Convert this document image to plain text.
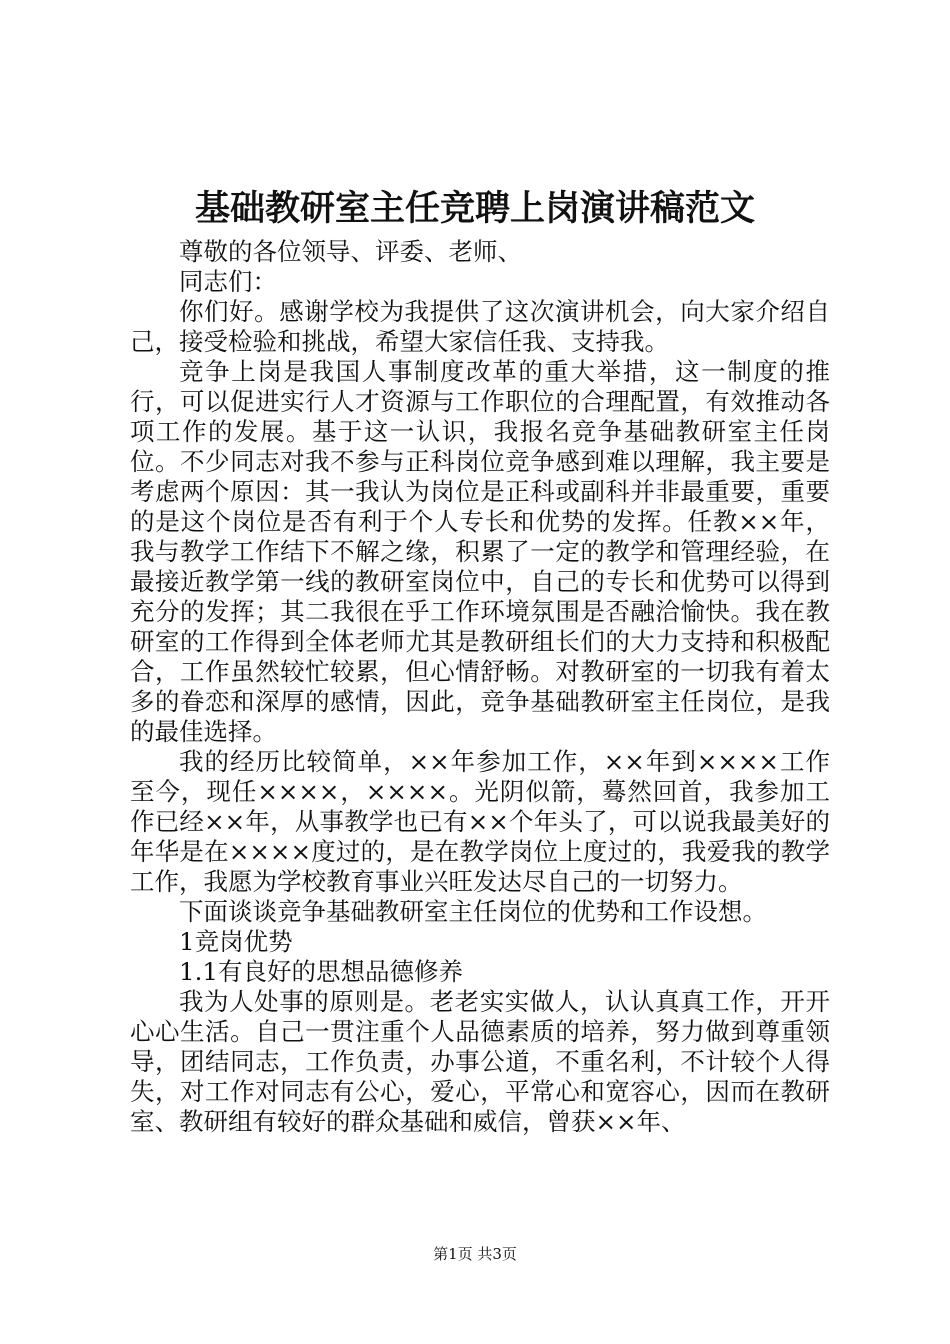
基础教研室主任竞聘上岗演讲稿范文

尊敬的各位领导、评委、老师、

同志们：

你们好。感谢学校为我提供了这次演讲机会，向大家介绍自己，接受检验和挑战，希望大家信任我、支持我。

竞争上岗是我国人事制度改革的重大举措，这一制度的推行，可以促进实行人才资源与工作职位的合理配置，有效推动各项工作的发展。基于这一认识，我报名竞争基础教研室主任岗位。不少同志对我不参与正科岗位竞争感到难以理解，我主要是考虑两个原因：其一我认为岗位是正科或副科并非最重要，重要的是这个岗位是否有利于个人专长和优势的发挥。任教××年，我与教学工作结下不解之缘，积累了一定的教学和管理经验，在最接近教学第一线的教研室岗位中，自己的专长和优势可以得到充分的发挥；其二我很在乎工作环境氛围是否融洽愉快。我在教研室的工作得到全体老师尤其是教研组长们的大力支持和积极配合，工作虽然较忙较累，但心情舒畅。对教研室的一切我有着太多的眷恋和深厚的感情，因此，竞争基础教研室主任岗位，是我的最佳选择。

我的经历比较简单，××年参加工作，××年到××××工作至今，现任××××，××××。光阴似箭，蓦然回首，我参加工作已经××年，从事教学也已有××个年头了，可以说我最美好的年华是在××××度过的，是在教学岗位上度过的，我爱我的教学工作，我愿为学校教育事业兴旺发达尽自己的一切努力。

下面谈谈竞争基础教研室主任岗位的优势和工作设想。

1竞岗优势

1.1有良好的思想品德修养

我为人处事的原则是。老老实实做人，认认真真工作，开开心心生活。自己一贯注重个人品德素质的培养，努力做到尊重领导，团结同志，工作负责，办事公道，不重名利，不计较个人得失，对工作对同志有公心，爱心，平常心和宽容心，因而在教研室、教研组有较好的群众基础和威信，曾获××年、

第1页 共3页
